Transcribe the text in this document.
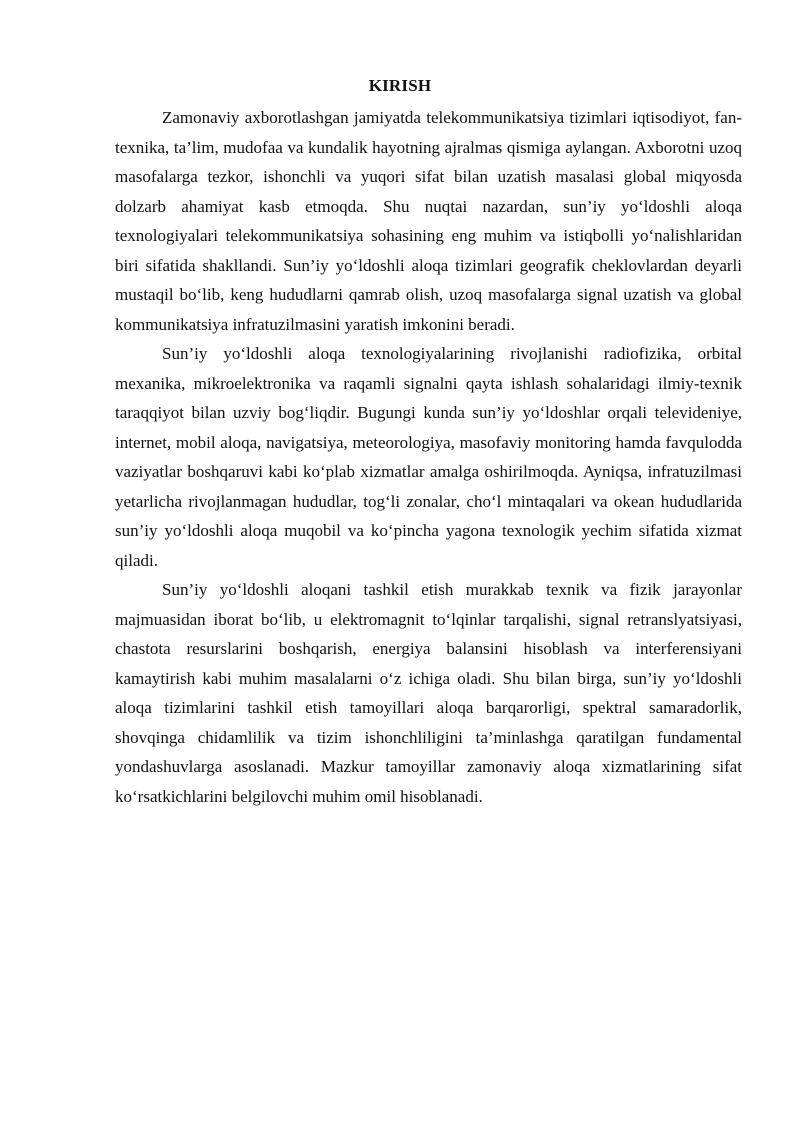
KIRISH

Zamonaviy axborotlashgan jamiyatda telekommunikatsiya tizimlari iqtisodiyot, fan-texnika, ta’lim, mudofaa va kundalik hayotning ajralmas qismiga aylangan. Axborotni uzoq masofalarga tezkor, ishonchli va yuqori sifat bilan uzatish masalasi global miqyosda dolzarb ahamiyat kasb etmoqda. Shu nuqtai nazardan, sun’iy yo‘ldoshli aloqa texnologiyalari telekommunikatsiya sohasining eng muhim va istiqbolli yo‘nalishlaridan biri sifatida shakllandi. Sun’iy yo‘ldoshli aloqa tizimlari geografik cheklovlardan deyarli mustaqil bo‘lib, keng hududlarni qamrab olish, uzoq masofalarga signal uzatish va global kommunikatsiya infratuzilmasini yaratish imkonini beradi.

Sun’iy yo‘ldoshli aloqa texnologiyalarining rivojlanishi radiofizika, orbital mexanika, mikroelektronika va raqamli signalni qayta ishlash sohalaridagi ilmiy-texnik taraqqiyot bilan uzviy bog‘liqdir. Bugungi kunda sun’iy yo‘ldoshlar orqali televideniye, internet, mobil aloqa, navigatsiya, meteorologiya, masofaviy monitoring hamda favqulodda vaziyatlar boshqaruvi kabi ko‘plab xizmatlar amalga oshirilmoqda. Ayniqsa, infratuzilmasi yetarlicha rivojlanmagan hududlar, tog‘li zonalar, cho‘l mintaqalari va okean hududlarida sun’iy yo‘ldoshli aloqa muqobil va ko‘pincha yagona texnologik yechim sifatida xizmat qiladi.

Sun’iy yo‘ldoshli aloqani tashkil etish murakkab texnik va fizik jarayonlar majmuasidan iborat bo‘lib, u elektromagnit to‘lqinlar tarqalishi, signal retranslyatsiyasi, chastota resurslarini boshqarish, energiya balansini hisoblash va interferensiyani kamaytirish kabi muhim masalalarni o‘z ichiga oladi. Shu bilan birga, sun’iy yo‘ldoshli aloqa tizimlarini tashkil etish tamoyillari aloqa barqarorligi, spektral samaradorlik, shovqinga chidamlilik va tizim ishonchliligini ta’minlashga qaratilgan fundamental yondashuvlarga asoslanadi. Mazkur tamoyillar zamonaviy aloqa xizmatlarining sifat ko‘rsatkichlarini belgilovchi muhim omil hisoblanadi.
